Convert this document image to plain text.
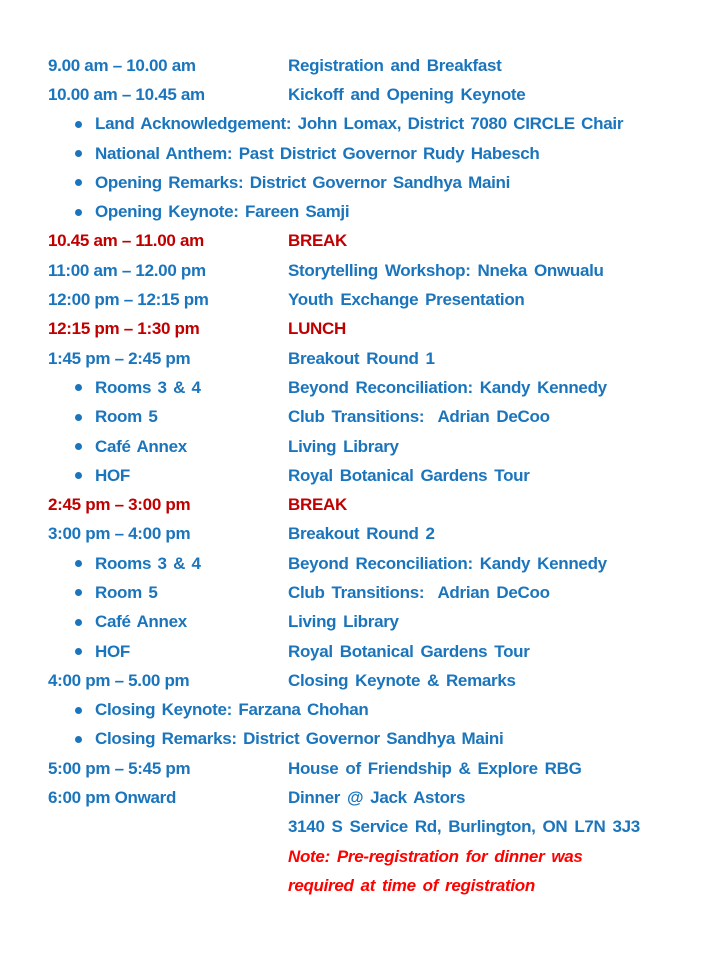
9.00 am – 10.00 am	Registration and Breakfast
10.00 am – 10.45 am	Kickoff and Opening Keynote
Land Acknowledgement: John Lomax, District 7080 CIRCLE Chair
National Anthem: Past District Governor Rudy Habesch
Opening Remarks: District Governor Sandhya Maini
Opening Keynote: Fareen Samji
10.45 am – 11.00 am	BREAK
11:00 am – 12.00 pm	Storytelling Workshop: Nneka Onwualu
12:00 pm – 12:15 pm	Youth Exchange Presentation
12:15 pm – 1:30 pm	LUNCH
1:45 pm – 2:45 pm	Breakout Round 1
Rooms 3 & 4	Beyond Reconciliation: Kandy Kennedy
Room 5	Club Transitions:  Adrian DeCoo
Café Annex	Living Library
HOF	Royal Botanical Gardens Tour
2:45 pm – 3:00 pm	BREAK
3:00 pm – 4:00 pm	Breakout Round 2
Rooms 3 & 4	Beyond Reconciliation: Kandy Kennedy
Room 5	Club Transitions:  Adrian DeCoo
Café Annex	Living Library
HOF	Royal Botanical Gardens Tour
4:00 pm – 5.00 pm	Closing Keynote & Remarks
Closing Keynote: Farzana Chohan
Closing Remarks: District Governor Sandhya Maini
5:00 pm – 5:45 pm	House of Friendship & Explore RBG
6:00 pm Onward	Dinner @ Jack Astors
3140 S Service Rd, Burlington, ON L7N 3J3
Note: Pre-registration for dinner was
required at time of registration
